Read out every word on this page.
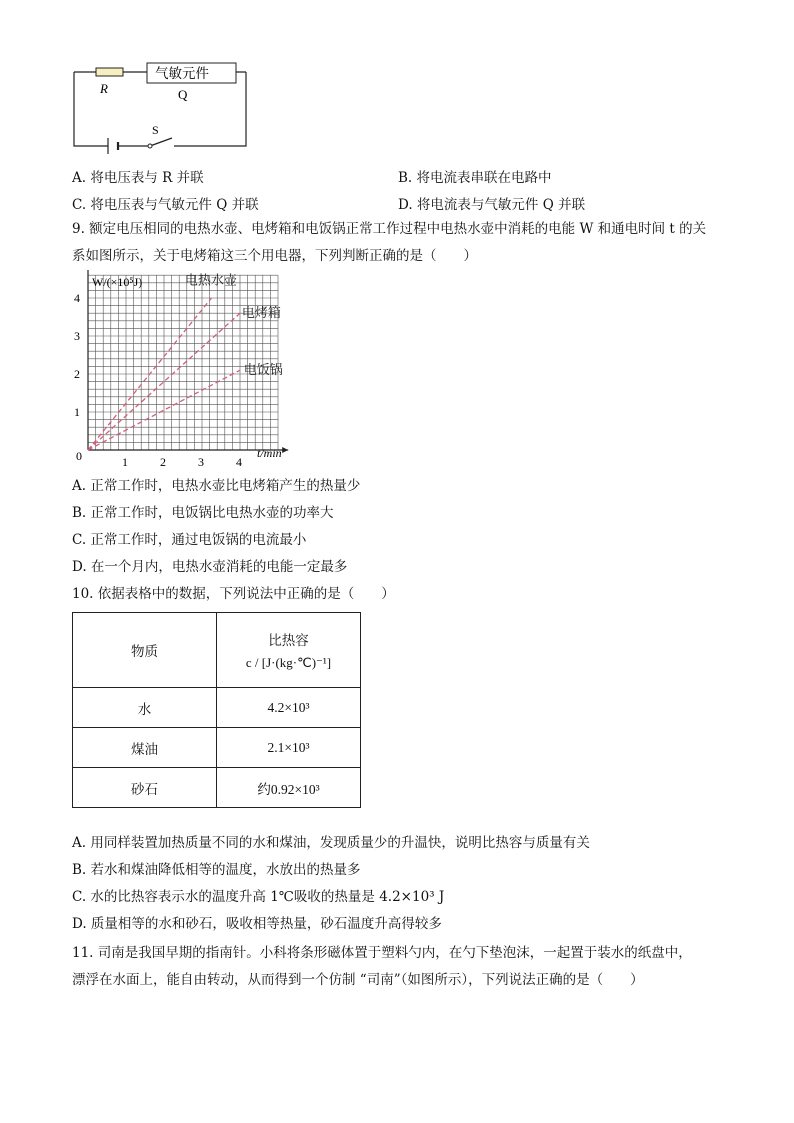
R
气敏元件
Q
S
A. 将电压表与 R 并联	B. 将电流表串联在电路中
C. 将电压表与气敏元件 Q 并联	D. 将电流表与气敏元件 Q 并联
9. 额定电压相同的电热水壶、电烤箱和电饭锅正常工作过程中电热水壶中消耗的电能 W 和通电时间 t 的关
系如图所示，关于电烤箱这三个用电器，下列判断正确的是（　　）
电热水壶
电烤箱
电饭锅
1	2	3	4
1
2
3
4
W/(×10⁵J)
t/min
0
A. 正常工作时，电热水壶比电烤箱产生的热量少
B. 正常工作时，电饭锅比电热水壶的功率大
C. 正常工作时，通过电饭锅的电流最小
D. 在一个月内，电热水壶消耗的电能一定最多
10. 依据表格中的数据，下列说法中正确的是（　　）
物质	比热容
c / [J·(kg·℃)⁻¹]

水	4.2×10³
煤油	2.1×10³
砂石	约0.92×10³
A. 用同样装置加热质量不同的水和煤油，发现质量少的升温快，说明比热容与质量有关
B. 若水和煤油降低相等的温度，水放出的热量多
C. 水的比热容表示水的温度升高 1℃吸收的热量是 4.2×10³ J
D. 质量相等的水和砂石，吸收相等热量，砂石温度升高得较多
11. 司南是我国早期的指南针。小科将条形磁体置于塑料勺内，在勺下垫泡沫，一起置于装水的纸盘中，
漂浮在水面上，能自由转动，从而得到一个仿制 “司南”（如图所示），下列说法正确的是（　　）
